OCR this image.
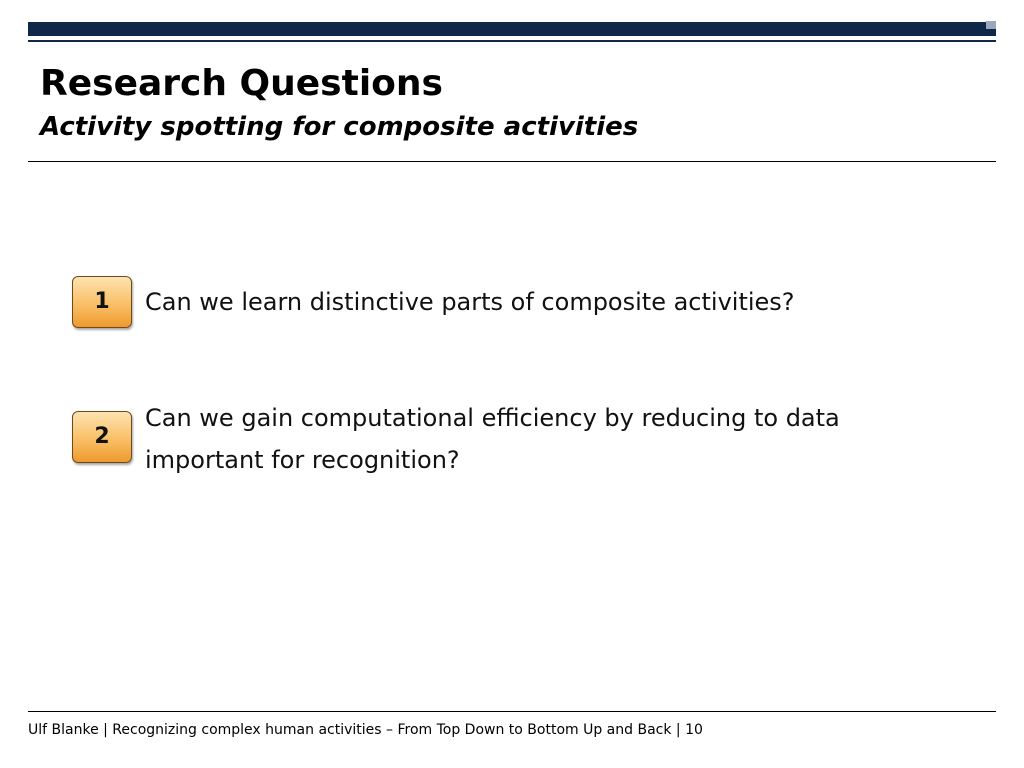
Research Questions
Activity spotting for composite activities
1	Can we learn distinctive parts of composite activities?
2
Can we gain computational efficiency by reducing to data important for recognition?
Ulf Blanke | Recognizing complex human activities – From Top Down to Bottom Up and Back | 10
